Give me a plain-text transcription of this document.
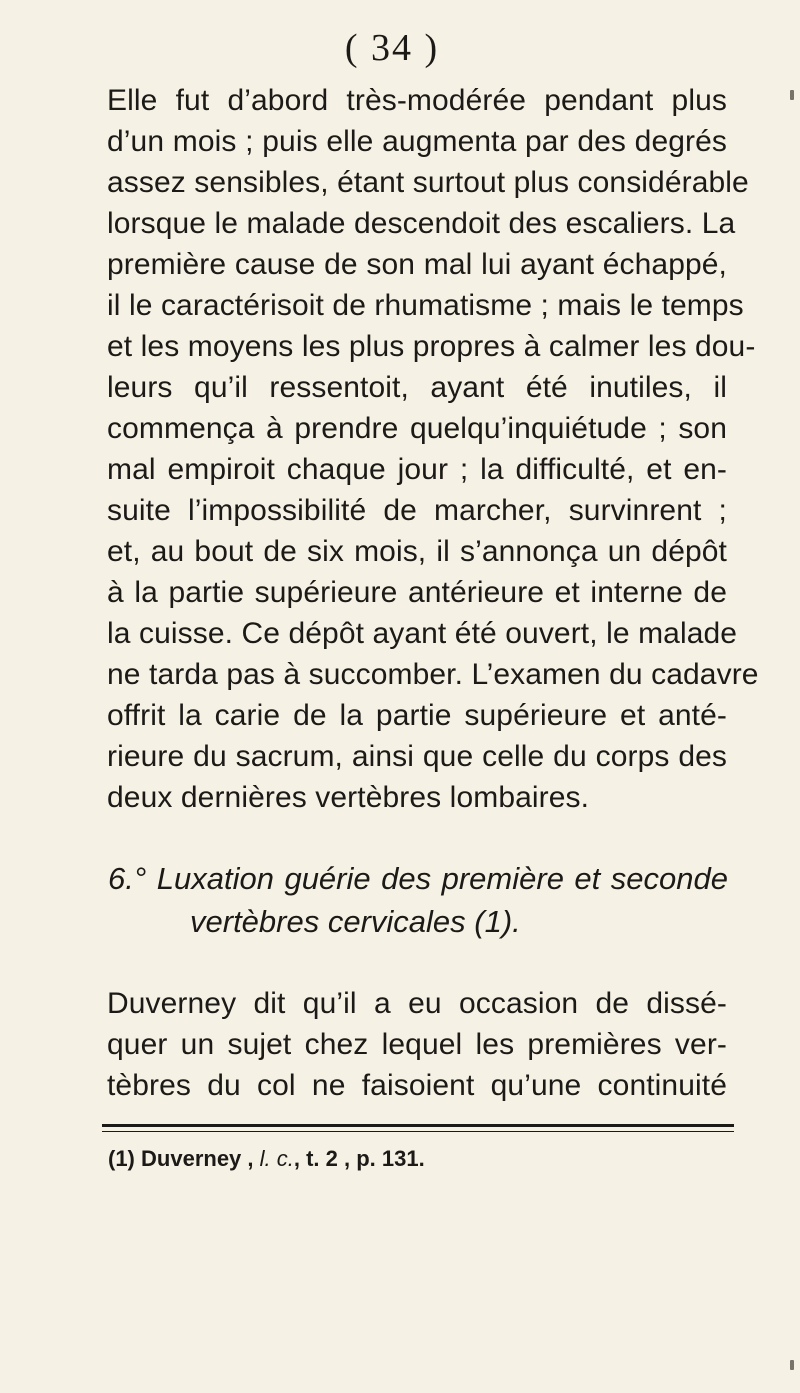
( 34 )
Elle fut d’abord très-modérée pendant plus
d’un mois ; puis elle augmenta par des degrés
assez sensibles, étant surtout plus considérable
lorsque le malade descendoit des escaliers. La
première cause de son mal lui ayant échappé,
il le caractérisoit de rhumatisme ; mais le temps
et les moyens les plus propres à calmer les dou-
leurs qu’il ressentoit, ayant été inutiles, il
commença à prendre quelqu’inquiétude ; son
mal empiroit chaque jour ; la difficulté, et en-
suite l’impossibilité de marcher, survinrent ;
et, au bout de six mois, il s’annonça un dépôt
à la partie supérieure antérieure et interne de
la cuisse. Ce dépôt ayant été ouvert, le malade
ne tarda pas à succomber. L’examen du cadavre
offrit la carie de la partie supérieure et anté-
rieure du sacrum, ainsi que celle du corps des
deux dernières vertèbres lombaires.
6.° Luxation guérie des première et seconde
vertèbres cervicales (1).
Duverney dit qu’il a eu occasion de dissé-
quer un sujet chez lequel les premières ver-
tèbres du col ne faisoient qu’une continuité
(1) Duverney , l. c., t. 2 , p. 131.
